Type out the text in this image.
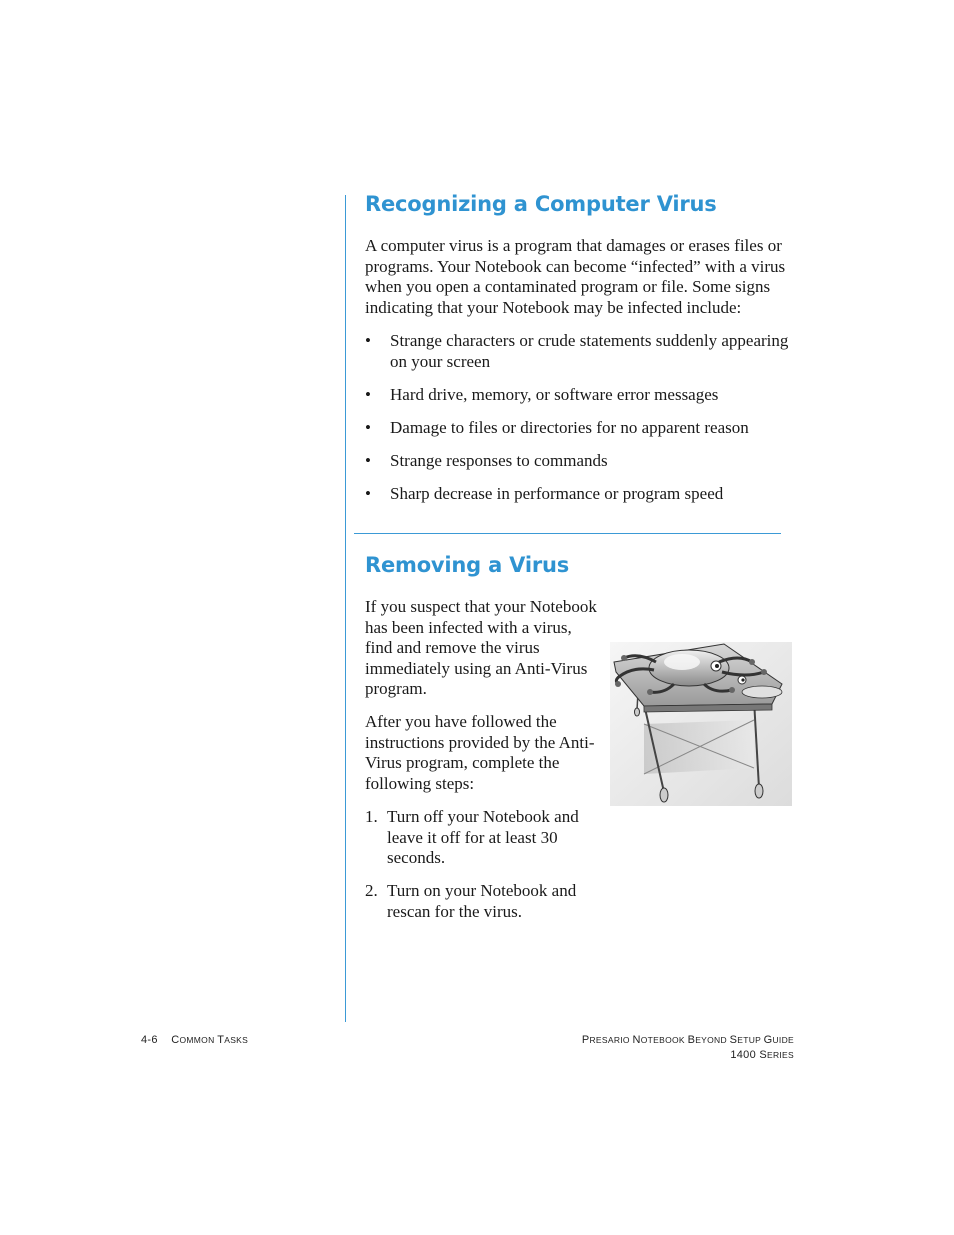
Recognizing a Computer Virus

A computer virus is a program that damages or erases files or programs. Your Notebook can become “infected” with a virus when you open a contaminated program or file. Some signs indicating that your Notebook may be infected include:

• Strange characters or crude statements suddenly appearing on your screen
• Hard drive, memory, or software error messages
• Damage to files or directories for no apparent reason
• Strange responses to commands
• Sharp decrease in performance or program speed
Removing a Virus

If you suspect that your Notebook has been infected with a virus, find and remove the virus immediately using an Anti-Virus program.

After you have followed the instructions provided by the Anti-Virus program, complete the following steps:

1. Turn off your Notebook and leave it off for at least 30 seconds.
2. Turn on your Notebook and rescan for the virus.
4-6 COMMON TASKS	PRESARIO NOTEBOOK BEYOND SETUP GUIDE
1400 SERIES
